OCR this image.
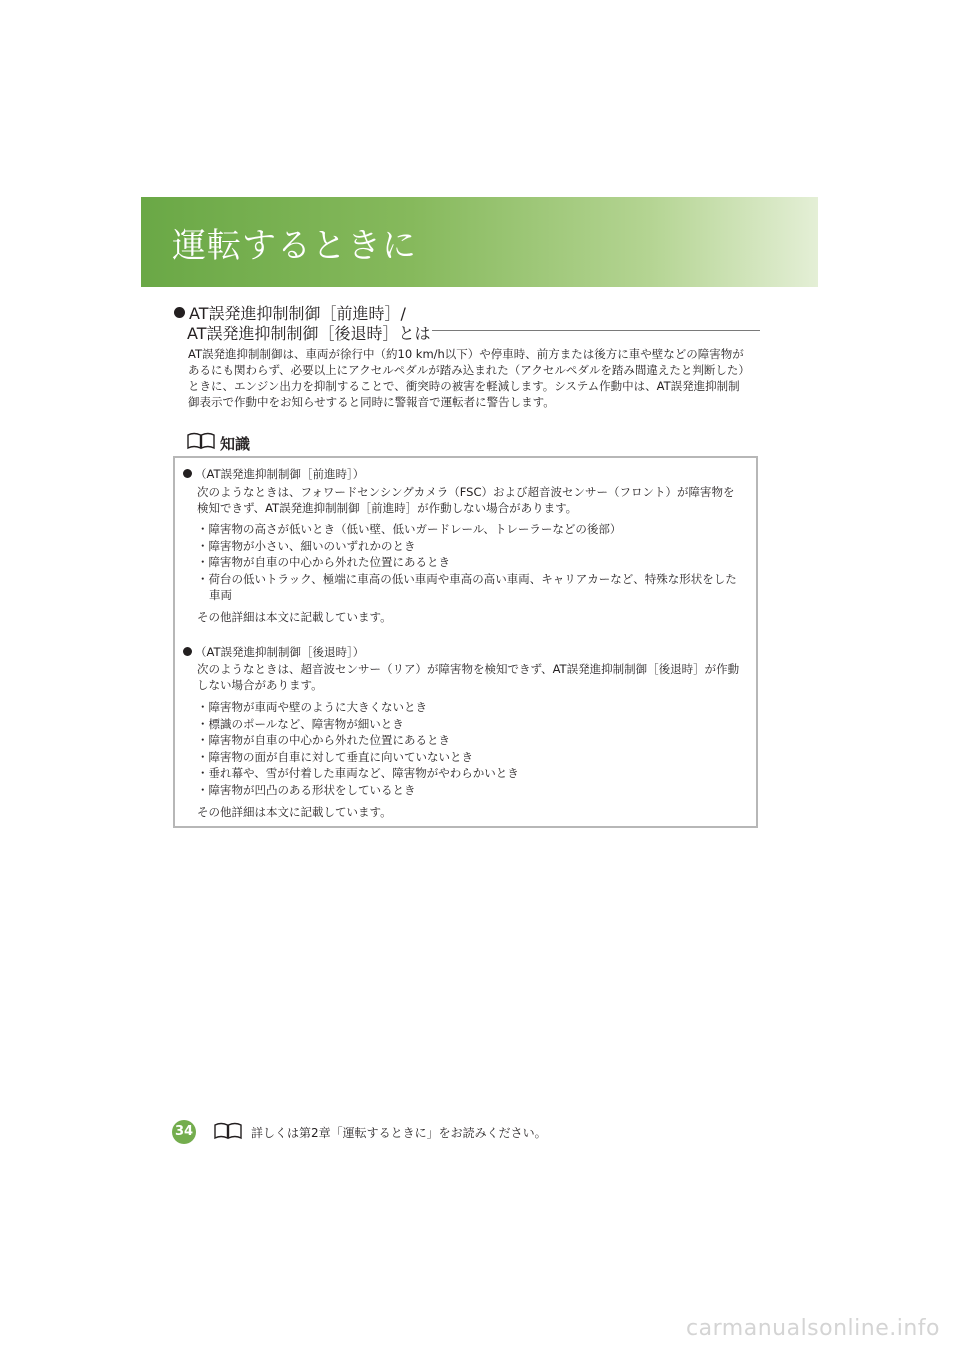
運転するときに
AT誤発進抑制制御［前進時］/
AT誤発進抑制制御［後退時］とは
AT誤発進抑制制御は、車両が徐行中（約10 km/h以下）や停車時、前方または後方に車や壁などの障害物があるにも関わらず、必要以上にアクセルペダルが踏み込まれた（アクセルペダルを踏み間違えたと判断した）ときに、エンジン出力を抑制することで、衝突時の被害を軽減します。システム作動中は、AT誤発進抑制制御表示で作動中をお知らせすると同時に警報音で運転者に警告します。
知識
（AT誤発進抑制制御［前進時］）
次のようなときは、フォワードセンシングカメラ（FSC）および超音波センサー（フロント）が障害物を検知できず、AT誤発進抑制制御［前進時］が作動しない場合があります。
・障害物の高さが低いとき（低い壁、低いガードレール、トレーラーなどの後部）
・障害物が小さい、細いのいずれかのとき
・障害物が自車の中心から外れた位置にあるとき
・荷台の低いトラック、極端に車高の低い車両や車高の高い車両、キャリアカーなど、特殊な形状をした車両
その他詳細は本文に記載しています。
（AT誤発進抑制制御［後退時］）
次のようなときは、超音波センサー（リア）が障害物を検知できず、AT誤発進抑制制御［後退時］が作動しない場合があります。
・障害物が車両や壁のように大きくないとき
・標識のポールなど、障害物が細いとき
・障害物が自車の中心から外れた位置にあるとき
・障害物の面が自車に対して垂直に向いていないとき
・垂れ幕や、雪が付着した車両など、障害物がやわらかいとき
・障害物が凹凸のある形状をしているとき
その他詳細は本文に記載しています。
34	詳しくは第2章「運転するときに」をお読みください。
carmanualsonline.info
